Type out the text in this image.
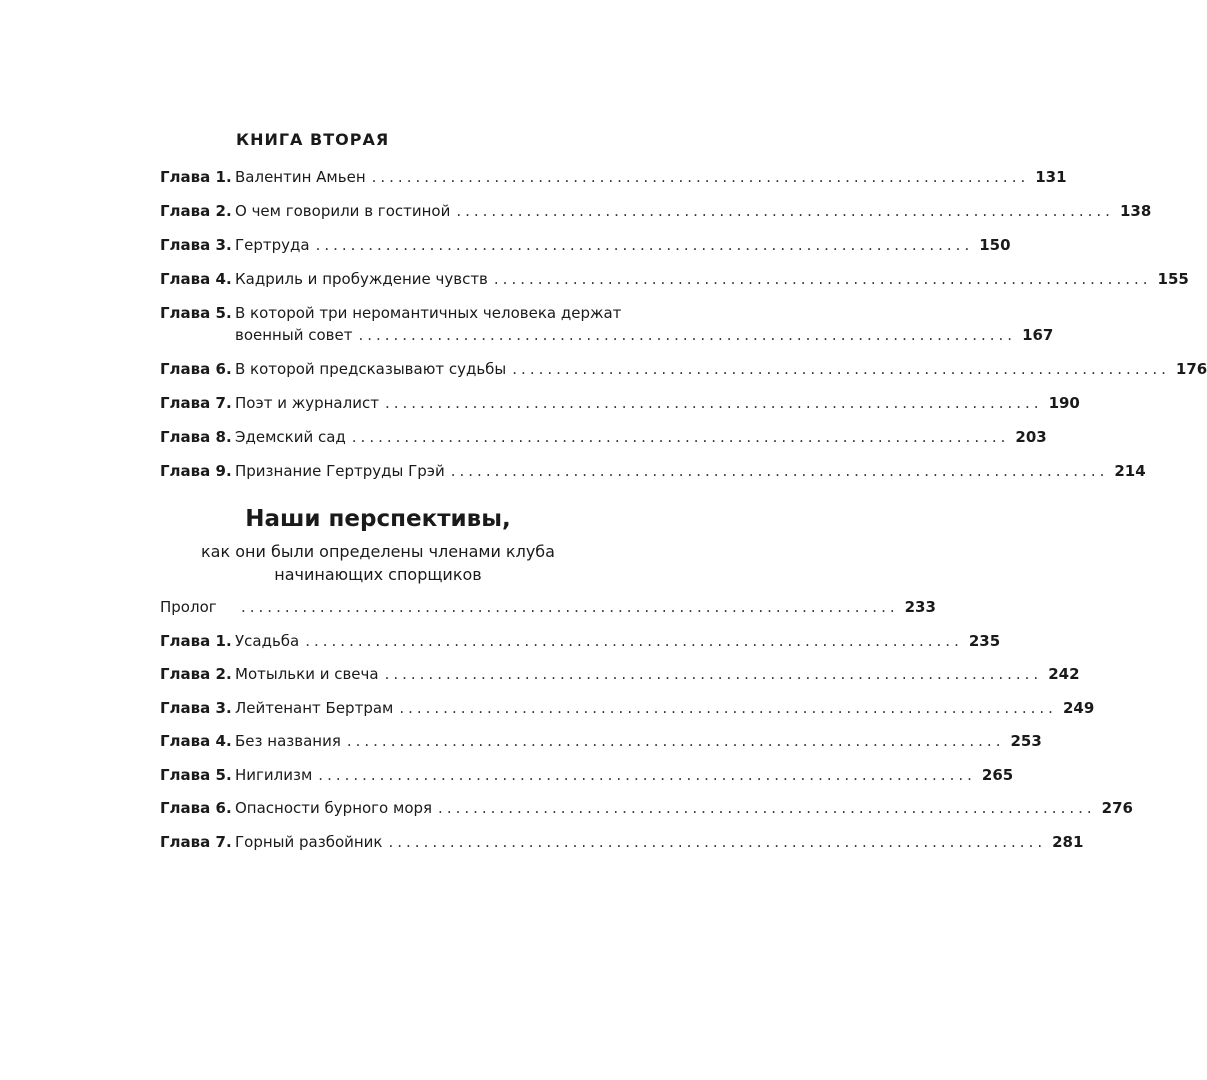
КНИГА ВТОРАЯ
Глава 1. Валентин Амьен ........................................................................... 131
Глава 2. О чем говорили в гостиной ........................................................................... 138
Глава 3. Гертруда ........................................................................... 150
Глава 4. Кадриль и пробуждение чувств ........................................................................... 155
Глава 5. В которой три неромантичных человека держат
военный совет ........................................................................... 167
Глава 6. В которой предсказывают судьбы ........................................................................... 176
Глава 7. Поэт и журналист ........................................................................... 190
Глава 8. Эдемский сад ........................................................................... 203
Глава 9. Признание Гертруды Грэй ........................................................................... 214
Наши перспективы,
как они были определены членами клуба
начинающих спорщиков
Пролог	........................................................................... 233
Глава 1. Усадьба ........................................................................... 235
Глава 2. Мотыльки и свеча ........................................................................... 242
Глава 3. Лейтенант Бертрам ........................................................................... 249
Глава 4. Без названия ........................................................................... 253
Глава 5. Нигилизм ........................................................................... 265
Глава 6. Опасности бурного моря ........................................................................... 276
Глава 7. Горный разбойник ........................................................................... 281
